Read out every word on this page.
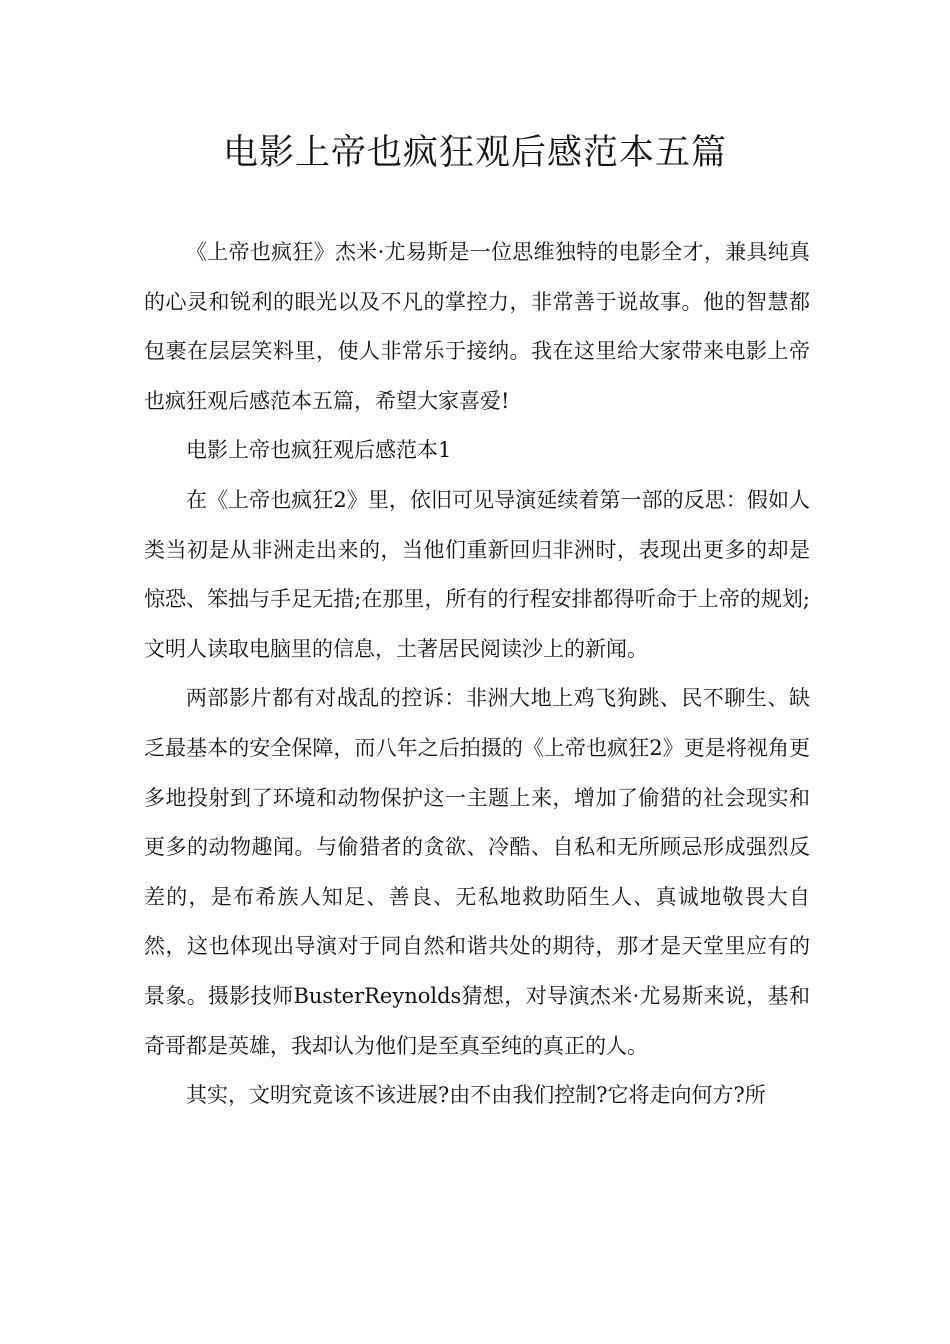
电影上帝也疯狂观后感范本五篇

《上帝也疯狂》杰米·尤易斯是一位思维独特的电影全才，兼具纯真的心灵和锐利的眼光以及不凡的掌控力，非常善于说故事。他的智慧都包裹在层层笑料里，使人非常乐于接纳。我在这里给大家带来电影上帝也疯狂观后感范本五篇，希望大家喜爱!

电影上帝也疯狂观后感范本1

在《上帝也疯狂2》里，依旧可见导演延续着第一部的反思：假如人类当初是从非洲走出来的，当他们重新回归非洲时，表现出更多的却是惊恐、笨拙与手足无措;在那里，所有的行程安排都得听命于上帝的规划;文明人读取电脑里的信息，土著居民阅读沙上的新闻。

两部影片都有对战乱的控诉：非洲大地上鸡飞狗跳、民不聊生、缺乏最基本的安全保障，而八年之后拍摄的《上帝也疯狂2》更是将视角更多地投射到了环境和动物保护这一主题上来，增加了偷猎的社会现实和更多的动物趣闻。与偷猎者的贪欲、冷酷、自私和无所顾忌形成强烈反差的，是布希族人知足、善良、无私地救助陌生人、真诚地敬畏大自然，这也体现出导演对于同自然和谐共处的期待，那才是天堂里应有的景象。摄影技师BusterReynolds猜想，对导演杰米·尤易斯来说，基和奇哥都是英雄，我却认为他们是至真至纯的真正的人。

其实，文明究竟该不该进展?由不由我们控制?它将走向何方?所
